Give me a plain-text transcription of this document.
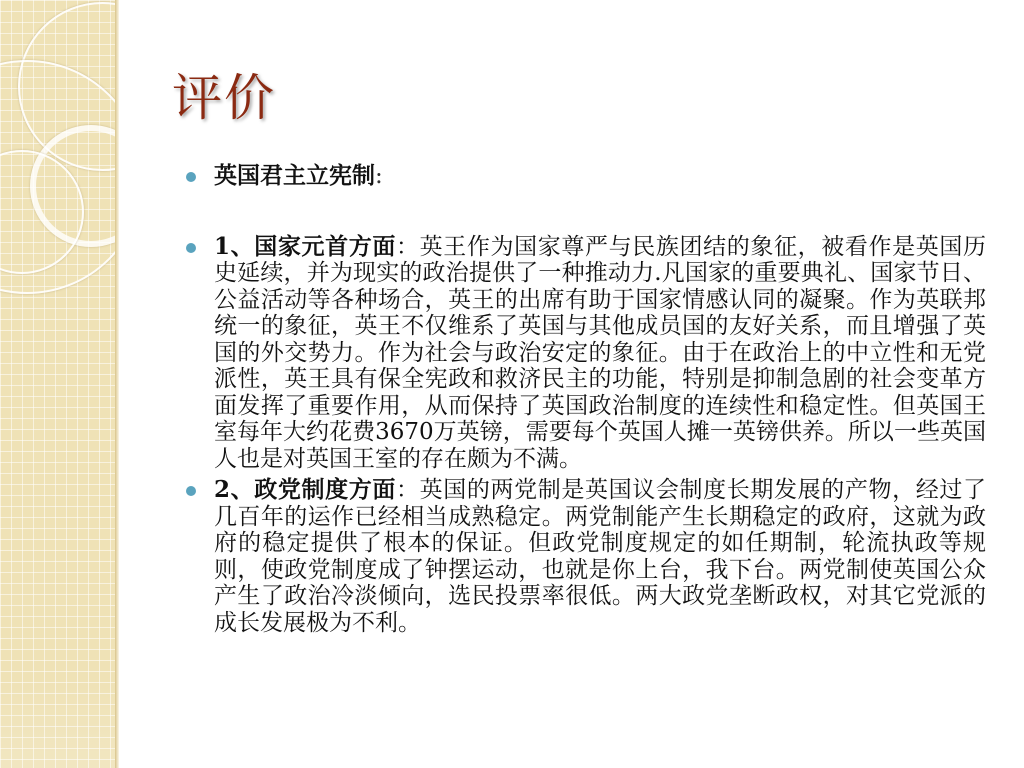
评价
英国君主立宪制:
1、国家元首方面：英王作为国家尊严与民族团结的象征，被看作是英国历史延续，并为现实的政治提供了一种推动力.凡国家的重要典礼、国家节日、公益活动等各种场合，英王的出席有助于国家情感认同的凝聚。作为英联邦统一的象征，英王不仅维系了英国与其他成员国的友好关系，而且增强了英国的外交势力。作为社会与政治安定的象征。由于在政治上的中立性和无党派性，英王具有保全宪政和救济民主的功能，特别是抑制急剧的社会变革方面发挥了重要作用，从而保持了英国政治制度的连续性和稳定性。但英国王室每年大约花费3670万英镑，需要每个英国人摊一英镑供养。所以一些英国人也是对英国王室的存在颇为不满。
2、政党制度方面：英国的两党制是英国议会制度长期发展的产物，经过了几百年的运作已经相当成熟稳定。两党制能产生长期稳定的政府，这就为政府的稳定提供了根本的保证。但政党制度规定的如任期制，轮流执政等规则，使政党制度成了钟摆运动，也就是你上台，我下台。两党制使英国公众产生了政治冷淡倾向，选民投票率很低。两大政党垄断政权，对其它党派的成长发展极为不利。
